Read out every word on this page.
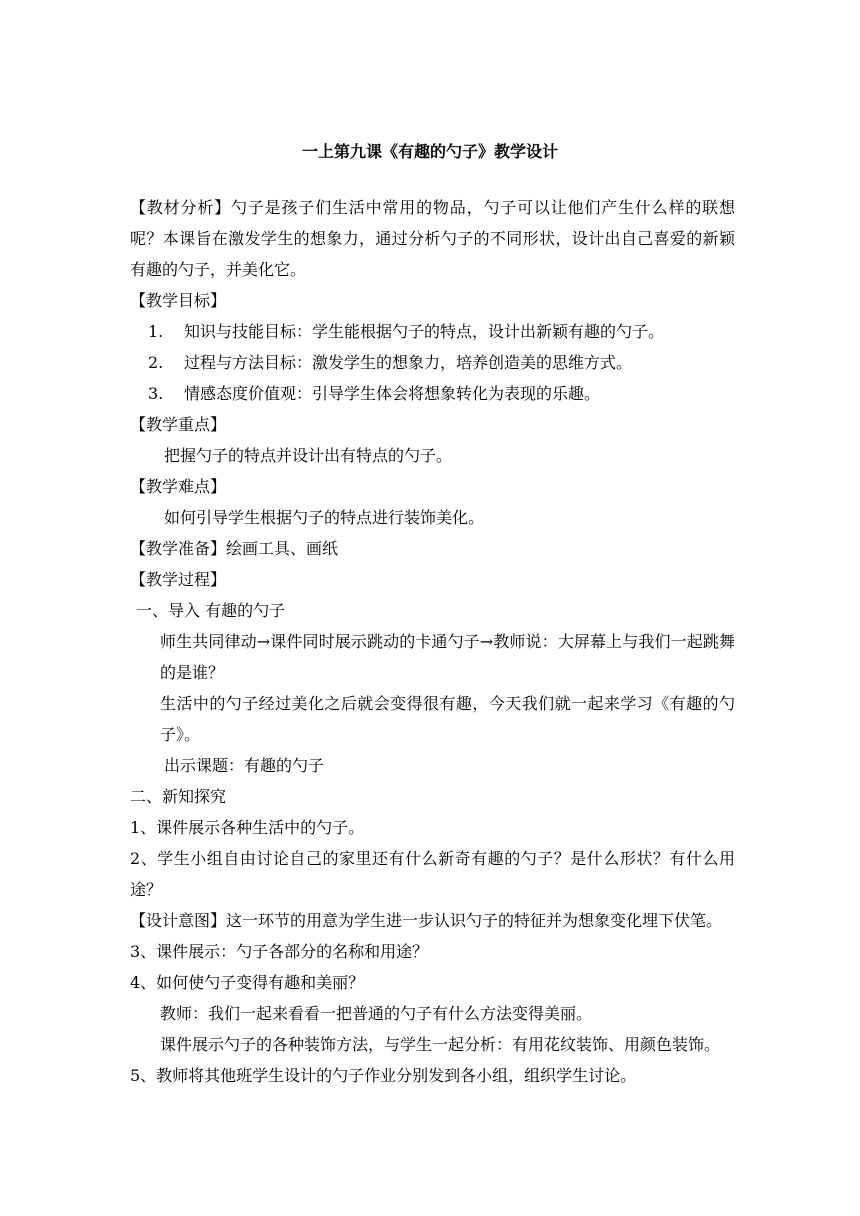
一上第九课《有趣的勺子》教学设计

【教材分析】勺子是孩子们生活中常用的物品，勺子可以让他们产生什么样的联想呢？本课旨在激发学生的想象力，通过分析勺子的不同形状，设计出自己喜爱的新颖有趣的勺子，并美化它。

【教学目标】

1. 知识与技能目标：学生能根据勺子的特点，设计出新颖有趣的勺子。

2. 过程与方法目标：激发学生的想象力，培养创造美的思维方式。

3. 情感态度价值观：引导学生体会将想象转化为表现的乐趣。

【教学重点】

把握勺子的特点并设计出有特点的勺子。

【教学难点】

如何引导学生根据勺子的特点进行装饰美化。

【教学准备】绘画工具、画纸

【教学过程】

一、导入 有趣的勺子

师生共同律动→课件同时展示跳动的卡通勺子→教师说：大屏幕上与我们一起跳舞的是谁？

生活中的勺子经过美化之后就会变得很有趣，今天我们就一起来学习《有趣的勺子》。

出示课题：有趣的勺子

二、新知探究

1、课件展示各种生活中的勺子。

2、学生小组自由讨论自己的家里还有什么新奇有趣的勺子？是什么形状？有什么用途？

【设计意图】这一环节的用意为学生进一步认识勺子的特征并为想象变化埋下伏笔。

3、课件展示：勺子各部分的名称和用途？

4、如何使勺子变得有趣和美丽？

教师：我们一起来看看一把普通的勺子有什么方法变得美丽。

课件展示勺子的各种装饰方法，与学生一起分析：有用花纹装饰、用颜色装饰。

5、教师将其他班学生设计的勺子作业分别发到各小组，组织学生讨论。
